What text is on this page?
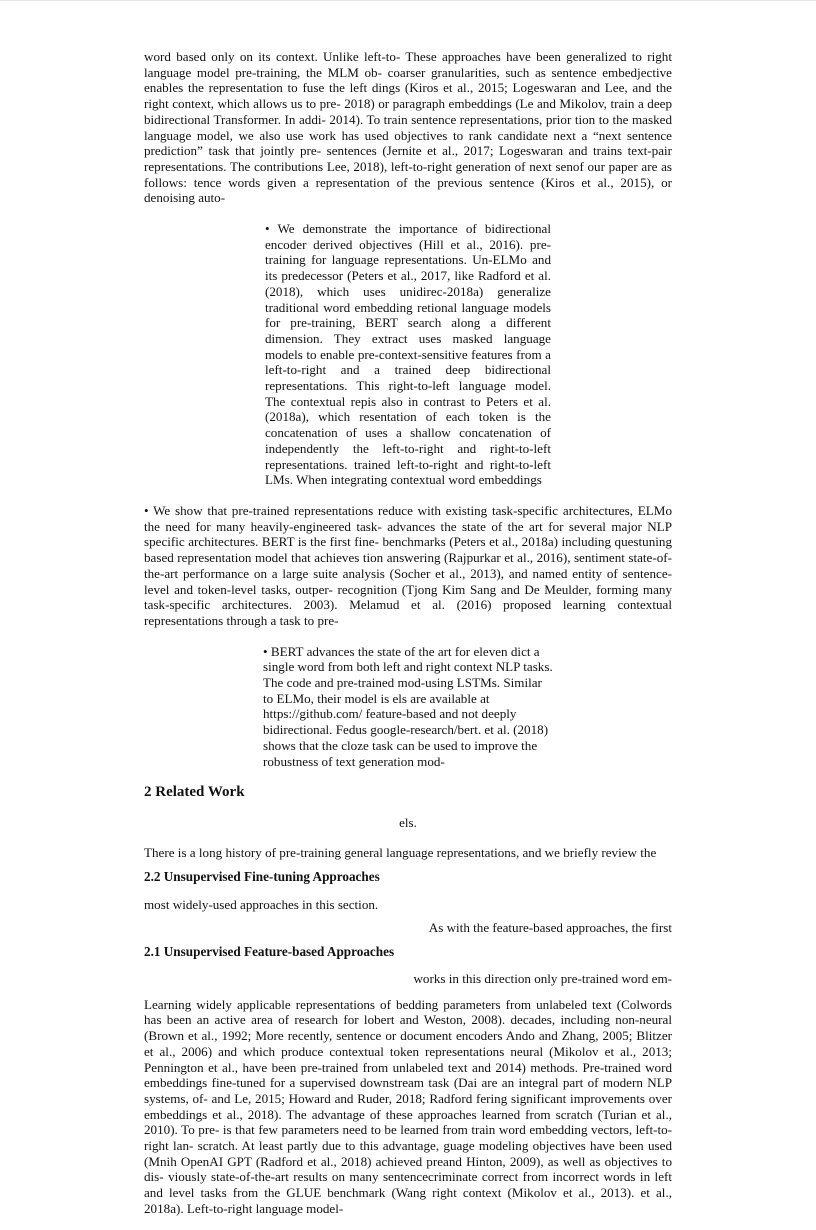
word based only on its context. Unlike left-to- These approaches have been generalized to right language model pre-training, the MLM ob- coarser granularities, such as sentence embedjective enables the representation to fuse the left dings (Kiros et al., 2015; Logeswaran and Lee, and the right context, which allows us to pre- 2018) or paragraph embeddings (Le and Mikolov, train a deep bidirectional Transformer. In addi- 2014). To train sentence representations, prior tion to the masked language model, we also use work has used objectives to rank candidate next a “next sentence prediction” task that jointly pre- sentences (Jernite et al., 2017; Logeswaran and trains text-pair representations. The contributions Lee, 2018), left-to-right generation of next senof our paper are as follows: tence words given a representation of the previous sentence (Kiros et al., 2015), or denoising auto-

• We demonstrate the importance of bidirectional encoder derived objectives (Hill et al., 2016). pre-training for language representations. Un-ELMo and its predecessor (Peters et al., 2017, like Radford et al. (2018), which uses unidirec-2018a) generalize traditional word embedding retional language models for pre-training, BERT search along a different dimension. They extract uses masked language models to enable pre-context-sensitive features from a left-to-right and a trained deep bidirectional representations. This right-to-left language model. The contextual repis also in contrast to Peters et al. (2018a), which resentation of each token is the concatenation of uses a shallow concatenation of independently the left-to-right and right-to-left representations. trained left-to-right and right-to-left LMs. When integrating contextual word embeddings

• We show that pre-trained representations reduce with existing task-specific architectures, ELMo the need for many heavily-engineered task- advances the state of the art for several major NLP specific architectures. BERT is the first fine- benchmarks (Peters et al., 2018a) including questuning based representation model that achieves tion answering (Rajpurkar et al., 2016), sentiment state-of-the-art performance on a large suite analysis (Socher et al., 2013), and named entity of sentence-level and token-level tasks, outper- recognition (Tjong Kim Sang and De Meulder, forming many task-specific architectures. 2003). Melamud et al. (2016) proposed learning contextual representations through a task to pre-

• BERT advances the state of the art for eleven dict a single word from both left and right context NLP tasks. The code and pre-trained mod-using LSTMs. Similar to ELMo, their model is els are available at https://github.com/ feature-based and not deeply bidirectional. Fedus google-research/bert. et al. (2018) shows that the cloze task can be used to improve the robustness of text generation mod-

2 Related Work

els.

There is a long history of pre-training general language representations, and we briefly review the

2.2 Unsupervised Fine-tuning Approaches

most widely-used approaches in this section.

As with the feature-based approaches, the first

2.1 Unsupervised Feature-based Approaches

works in this direction only pre-trained word em-

Learning widely applicable representations of bedding parameters from unlabeled text (Colwords has been an active area of research for lobert and Weston, 2008). decades, including non-neural (Brown et al., 1992; More recently, sentence or document encoders Ando and Zhang, 2005; Blitzer et al., 2006) and which produce contextual token representations neural (Mikolov et al., 2013; Pennington et al., have been pre-trained from unlabeled text and 2014) methods. Pre-trained word embeddings fine-tuned for a supervised downstream task (Dai are an integral part of modern NLP systems, of- and Le, 2015; Howard and Ruder, 2018; Radford fering significant improvements over embeddings et al., 2018). The advantage of these approaches learned from scratch (Turian et al., 2010). To pre- is that few parameters need to be learned from train word embedding vectors, left-to-right lan- scratch. At least partly due to this advantage, guage modeling objectives have been used (Mnih OpenAI GPT (Radford et al., 2018) achieved preand Hinton, 2009), as well as objectives to dis- viously state-of-the-art results on many sentencecriminate correct from incorrect words in left and level tasks from the GLUE benchmark (Wang right context (Mikolov et al., 2013). et al., 2018a). Left-to-right language model-
